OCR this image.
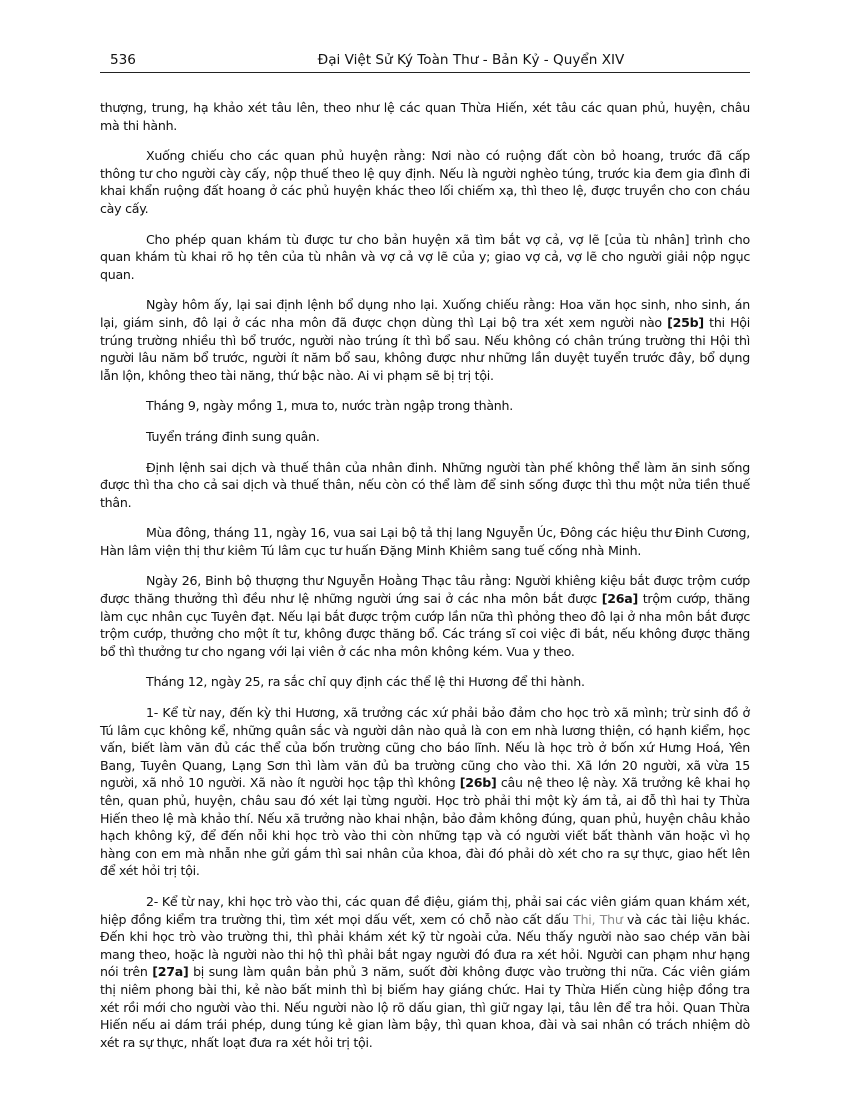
536	Đại Việt Sử Ký Toàn Thư - Bản Kỷ - Quyển XIV

thượng, trung, hạ khảo xét tâu lên, theo như lệ các quan Thừa Hiến, xét tâu các quan phủ, huyện, châu mà thi hành.

Xuống chiếu cho các quan phủ huyện rằng: Nơi nào có ruộng đất còn bỏ hoang, trước đã cấp thông tư cho người cày cấy, nộp thuế theo lệ quy định. Nếu là người nghèo túng, trước kia đem gia đình đi khai khẩn ruộng đất hoang ở các phủ huyện khác theo lối chiếm xạ, thì theo lệ, được truyền cho con cháu cày cấy.

Cho phép quan khám tù được tư cho bản huyện xã tìm bắt vợ cả, vợ lẽ [của tù nhân] trình cho quan khám tù khai rõ họ tên của tù nhân và vợ cả vợ lẽ của y; giao vợ cả, vợ lẽ cho người giải nộp ngục quan.

Ngày hôm ấy, lại sai định lệnh bổ dụng nho lại. Xuống chiếu rằng: Hoa văn học sinh, nho sinh, án lại, giám sinh, đô lại ở các nha môn đã được chọn dùng thì Lại bộ tra xét xem người nào [25b] thi Hội trúng trường nhiều thì bổ trước, người nào trúng ít thì bổ sau. Nếu không có chân trúng trường thi Hội thì người lâu năm bổ trước, người ít năm bổ sau, không được như những lần duyệt tuyển trước đây, bổ dụng lẫn lộn, không theo tài năng, thứ bậc nào. Ai vi phạm sẽ bị trị tội.

Tháng 9, ngày mồng 1, mưa to, nước tràn ngập trong thành.

Tuyển tráng đinh sung quân.

Định lệnh sai dịch và thuế thân của nhân đinh. Những người tàn phế không thể làm ăn sinh sống được thì tha cho cả sai dịch và thuế thân, nếu còn có thể làm để sinh sống được thì thu một nửa tiền thuế thân.

Mùa đông, tháng 11, ngày 16, vua sai Lại bộ tả thị lang Nguyễn Úc, Đông các hiệu thư Đinh Cương, Hàn lâm viện thị thư kiêm Tú lâm cục tư huấn Đặng Minh Khiêm sang tuế cống nhà Minh.

Ngày 26, Binh bộ thượng thư Nguyễn Hoằng Thạc tâu rằng: Người khiêng kiệu bắt được trộm cướp được thăng thưởng thì đều như lệ những người ứng sai ở các nha môn bắt được [26a] trộm cướp, thăng làm cục nhân cục Tuyên đạt. Nếu lại bắt được trộm cướp lần nữa thì phỏng theo đô lại ở nha môn bắt được trộm cướp, thưởng cho một ít tư, không được thăng bổ. Các tráng sĩ coi việc đi bắt, nếu không được thăng bổ thì thưởng tư cho ngang với lại viên ở các nha môn không kém. Vua y theo.

Tháng 12, ngày 25, ra sắc chỉ quy định các thể lệ thi Hương để thi hành.

1- Kể từ nay, đến kỳ thi Hương, xã trưởng các xứ phải bảo đảm cho học trò xã mình; trừ sinh đồ ở Tú lâm cục không kể, những quân sắc và người dân nào quả là con em nhà lương thiện, có hạnh kiểm, học vấn, biết làm văn đủ các thể của bốn trường cũng cho báo lĩnh. Nếu là học trò ở bốn xứ Hưng Hoá, Yên Bang, Tuyên Quang, Lạng Sơn thì làm văn đủ ba trường cũng cho vào thi. Xã lớn 20 người, xã vừa 15 người, xã nhỏ 10 người. Xã nào ít người học tập thì không [26b] câu nệ theo lệ này. Xã trưởng kê khai họ tên, quan phủ, huyện, châu sau đó xét lại từng người. Học trò phải thi một kỳ ám tả, ai đỗ thì hai ty Thừa Hiến theo lệ mà khảo thí. Nếu xã trưởng nào khai nhận, bảo đảm không đúng, quan phủ, huyện châu khảo hạch không kỹ, để đến nỗi khi học trò vào thi còn những tạp và có người viết bất thành văn hoặc vì họ hàng con em mà nhẫn nhe gửi gắm thì sai nhân của khoa, đài đó phải dò xét cho ra sự thực, giao hết lên để xét hỏi trị tội.

2- Kể từ nay, khi học trò vào thi, các quan đề điệu, giám thị, phải sai các viên giám quan khám xét, hiệp đồng kiểm tra trường thi, tìm xét mọi dấu vết, xem có chỗ nào cất dấu Thi, Thư và các tài liệu khác. Đến khi học trò vào trường thi, thì phải khám xét kỹ từ ngoài cửa. Nếu thấy người nào sao chép văn bài mang theo, hoặc là người nào thi hộ thì phải bắt ngay người đó đưa ra xét hỏi. Người can phạm như hạng nói trên [27a] bị sung làm quân bản phủ 3 năm, suốt đời không được vào trường thi nữa. Các viên giám thị niêm phong bài thi, kẻ nào bất minh thì bị biếm hay giáng chức. Hai ty Thừa Hiến cùng hiệp đồng tra xét rồi mới cho người vào thi. Nếu người nào lộ rõ dấu gian, thì giữ ngay lại, tâu lên để tra hỏi. Quan Thừa Hiến nếu ai dám trái phép, dung túng kẻ gian làm bậy, thì quan khoa, đài và sai nhân có trách nhiệm dò xét ra sự thực, nhất loạt đưa ra xét hỏi trị tội.
